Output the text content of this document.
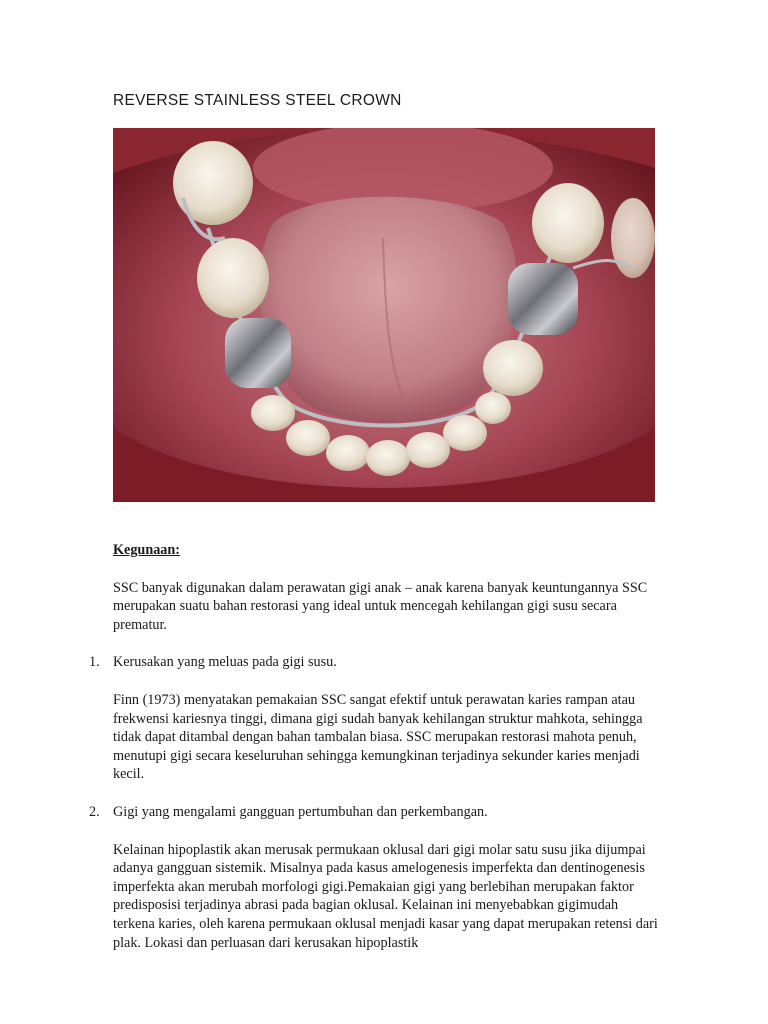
REVERSE STAINLESS STEEL CROWN

Kegunaan:

SSC banyak digunakan dalam perawatan gigi anak – anak karena banyak keuntungannya SSC merupakan suatu bahan restorasi yang ideal untuk mencegah kehilangan gigi susu secara prematur.

1. Kerusakan yang meluas pada gigi susu.

Finn (1973) menyatakan pemakaian SSC sangat efektif untuk perawatan karies rampan atau frekwensi kariesnya tinggi, dimana gigi sudah banyak kehilangan struktur mahkota, sehingga tidak dapat ditambal dengan bahan tambalan biasa. SSC merupakan restorasi mahota penuh, menutupi gigi secara keseluruhan sehingga kemungkinan terjadinya sekunder karies menjadi kecil.

2. Gigi yang mengalami gangguan pertumbuhan dan perkembangan.

Kelainan hipoplastik akan merusak permukaan oklusal dari gigi molar satu susu jika dijumpai adanya gangguan sistemik. Misalnya pada kasus amelogenesis imperfekta dan dentinogenesis imperfekta akan merubah morfologi gigi.Pemakaian gigi yang berlebihan merupakan faktor predisposisi terjadinya abrasi pada bagian oklusal. Kelainan ini menyebabkan gigimudah terkena karies, oleh karena permukaan oklusal menjadi kasar yang dapat merupakan retensi dari plak. Lokasi dan perluasan dari kerusakan hipoplastik
